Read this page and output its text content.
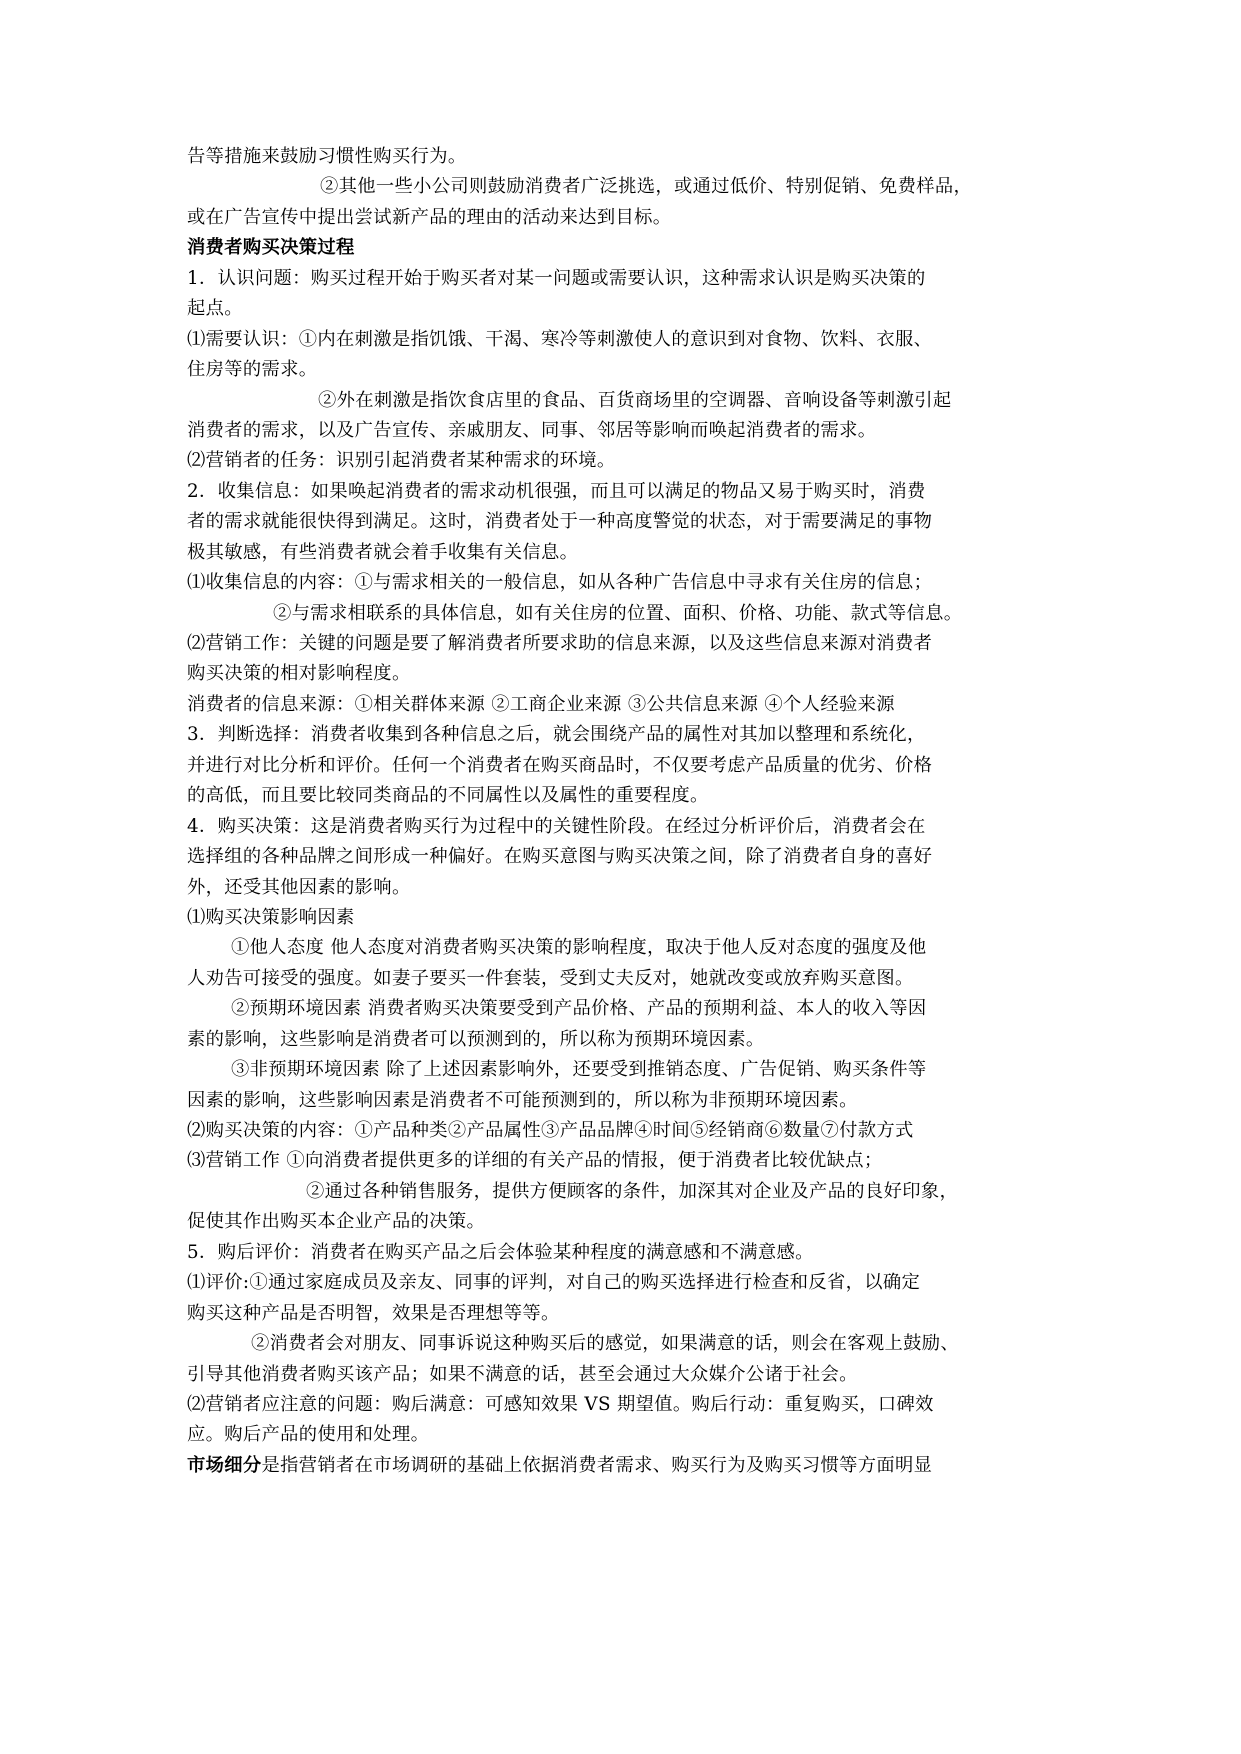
告等措施来鼓励习惯性购买行为。
②其他一些小公司则鼓励消费者广泛挑选，或通过低价、特别促销、免费样品，
或在广告宣传中提出尝试新产品的理由的活动来达到目标。
消费者购买决策过程
1．认识问题：购买过程开始于购买者对某一问题或需要认识，这种需求认识是购买决策的
起点。
⑴需要认识：①内在刺激是指饥饿、干渴、寒冷等刺激使人的意识到对食物、饮料、衣服、
住房等的需求。
②外在刺激是指饮食店里的食品、百货商场里的空调器、音响设备等刺激引起
消费者的需求，以及广告宣传、亲戚朋友、同事、邻居等影响而唤起消费者的需求。
⑵营销者的任务：识别引起消费者某种需求的环境。
2．收集信息：如果唤起消费者的需求动机很强，而且可以满足的物品又易于购买时，消费
者的需求就能很快得到满足。这时，消费者处于一种高度警觉的状态，对于需要满足的事物
极其敏感，有些消费者就会着手收集有关信息。
⑴收集信息的内容：①与需求相关的一般信息，如从各种广告信息中寻求有关住房的信息；
②与需求相联系的具体信息，如有关住房的位置、面积、价格、功能、款式等信息。
⑵营销工作：关键的问题是要了解消费者所要求助的信息来源，以及这些信息来源对消费者
购买决策的相对影响程度。
消费者的信息来源：①相关群体来源 ②工商企业来源 ③公共信息来源 ④个人经验来源
3．判断选择：消费者收集到各种信息之后，就会围绕产品的属性对其加以整理和系统化，
并进行对比分析和评价。任何一个消费者在购买商品时，不仅要考虑产品质量的优劣、价格
的高低，而且要比较同类商品的不同属性以及属性的重要程度。
4．购买决策：这是消费者购买行为过程中的关键性阶段。在经过分析评价后，消费者会在
选择组的各种品牌之间形成一种偏好。在购买意图与购买决策之间，除了消费者自身的喜好
外，还受其他因素的影响。
⑴购买决策影响因素
①他人态度 他人态度对消费者购买决策的影响程度，取决于他人反对态度的强度及他
人劝告可接受的强度。如妻子要买一件套装，受到丈夫反对，她就改变或放弃购买意图。
②预期环境因素 消费者购买决策要受到产品价格、产品的预期利益、本人的收入等因
素的影响，这些影响是消费者可以预测到的，所以称为预期环境因素。
③非预期环境因素 除了上述因素影响外，还要受到推销态度、广告促销、购买条件等
因素的影响，这些影响因素是消费者不可能预测到的，所以称为非预期环境因素。
⑵购买决策的内容：①产品种类②产品属性③产品品牌④时间⑤经销商⑥数量⑦付款方式
⑶营销工作 ①向消费者提供更多的详细的有关产品的情报，便于消费者比较优缺点；
②通过各种销售服务，提供方便顾客的条件，加深其对企业及产品的良好印象，
促使其作出购买本企业产品的决策。
5．购后评价：消费者在购买产品之后会体验某种程度的满意感和不满意感。
⑴评价:①通过家庭成员及亲友、同事的评判，对自己的购买选择进行检查和反省，以确定
购买这种产品是否明智，效果是否理想等等。
②消费者会对朋友、同事诉说这种购买后的感觉，如果满意的话，则会在客观上鼓励、
引导其他消费者购买该产品；如果不满意的话，甚至会通过大众媒介公诸于社会。
⑵营销者应注意的问题：购后满意：可感知效果 VS 期望值。购后行动：重复购买，口碑效
应。购后产品的使用和处理。
市场细分是指营销者在市场调研的基础上依据消费者需求、购买行为及购买习惯等方面明显
